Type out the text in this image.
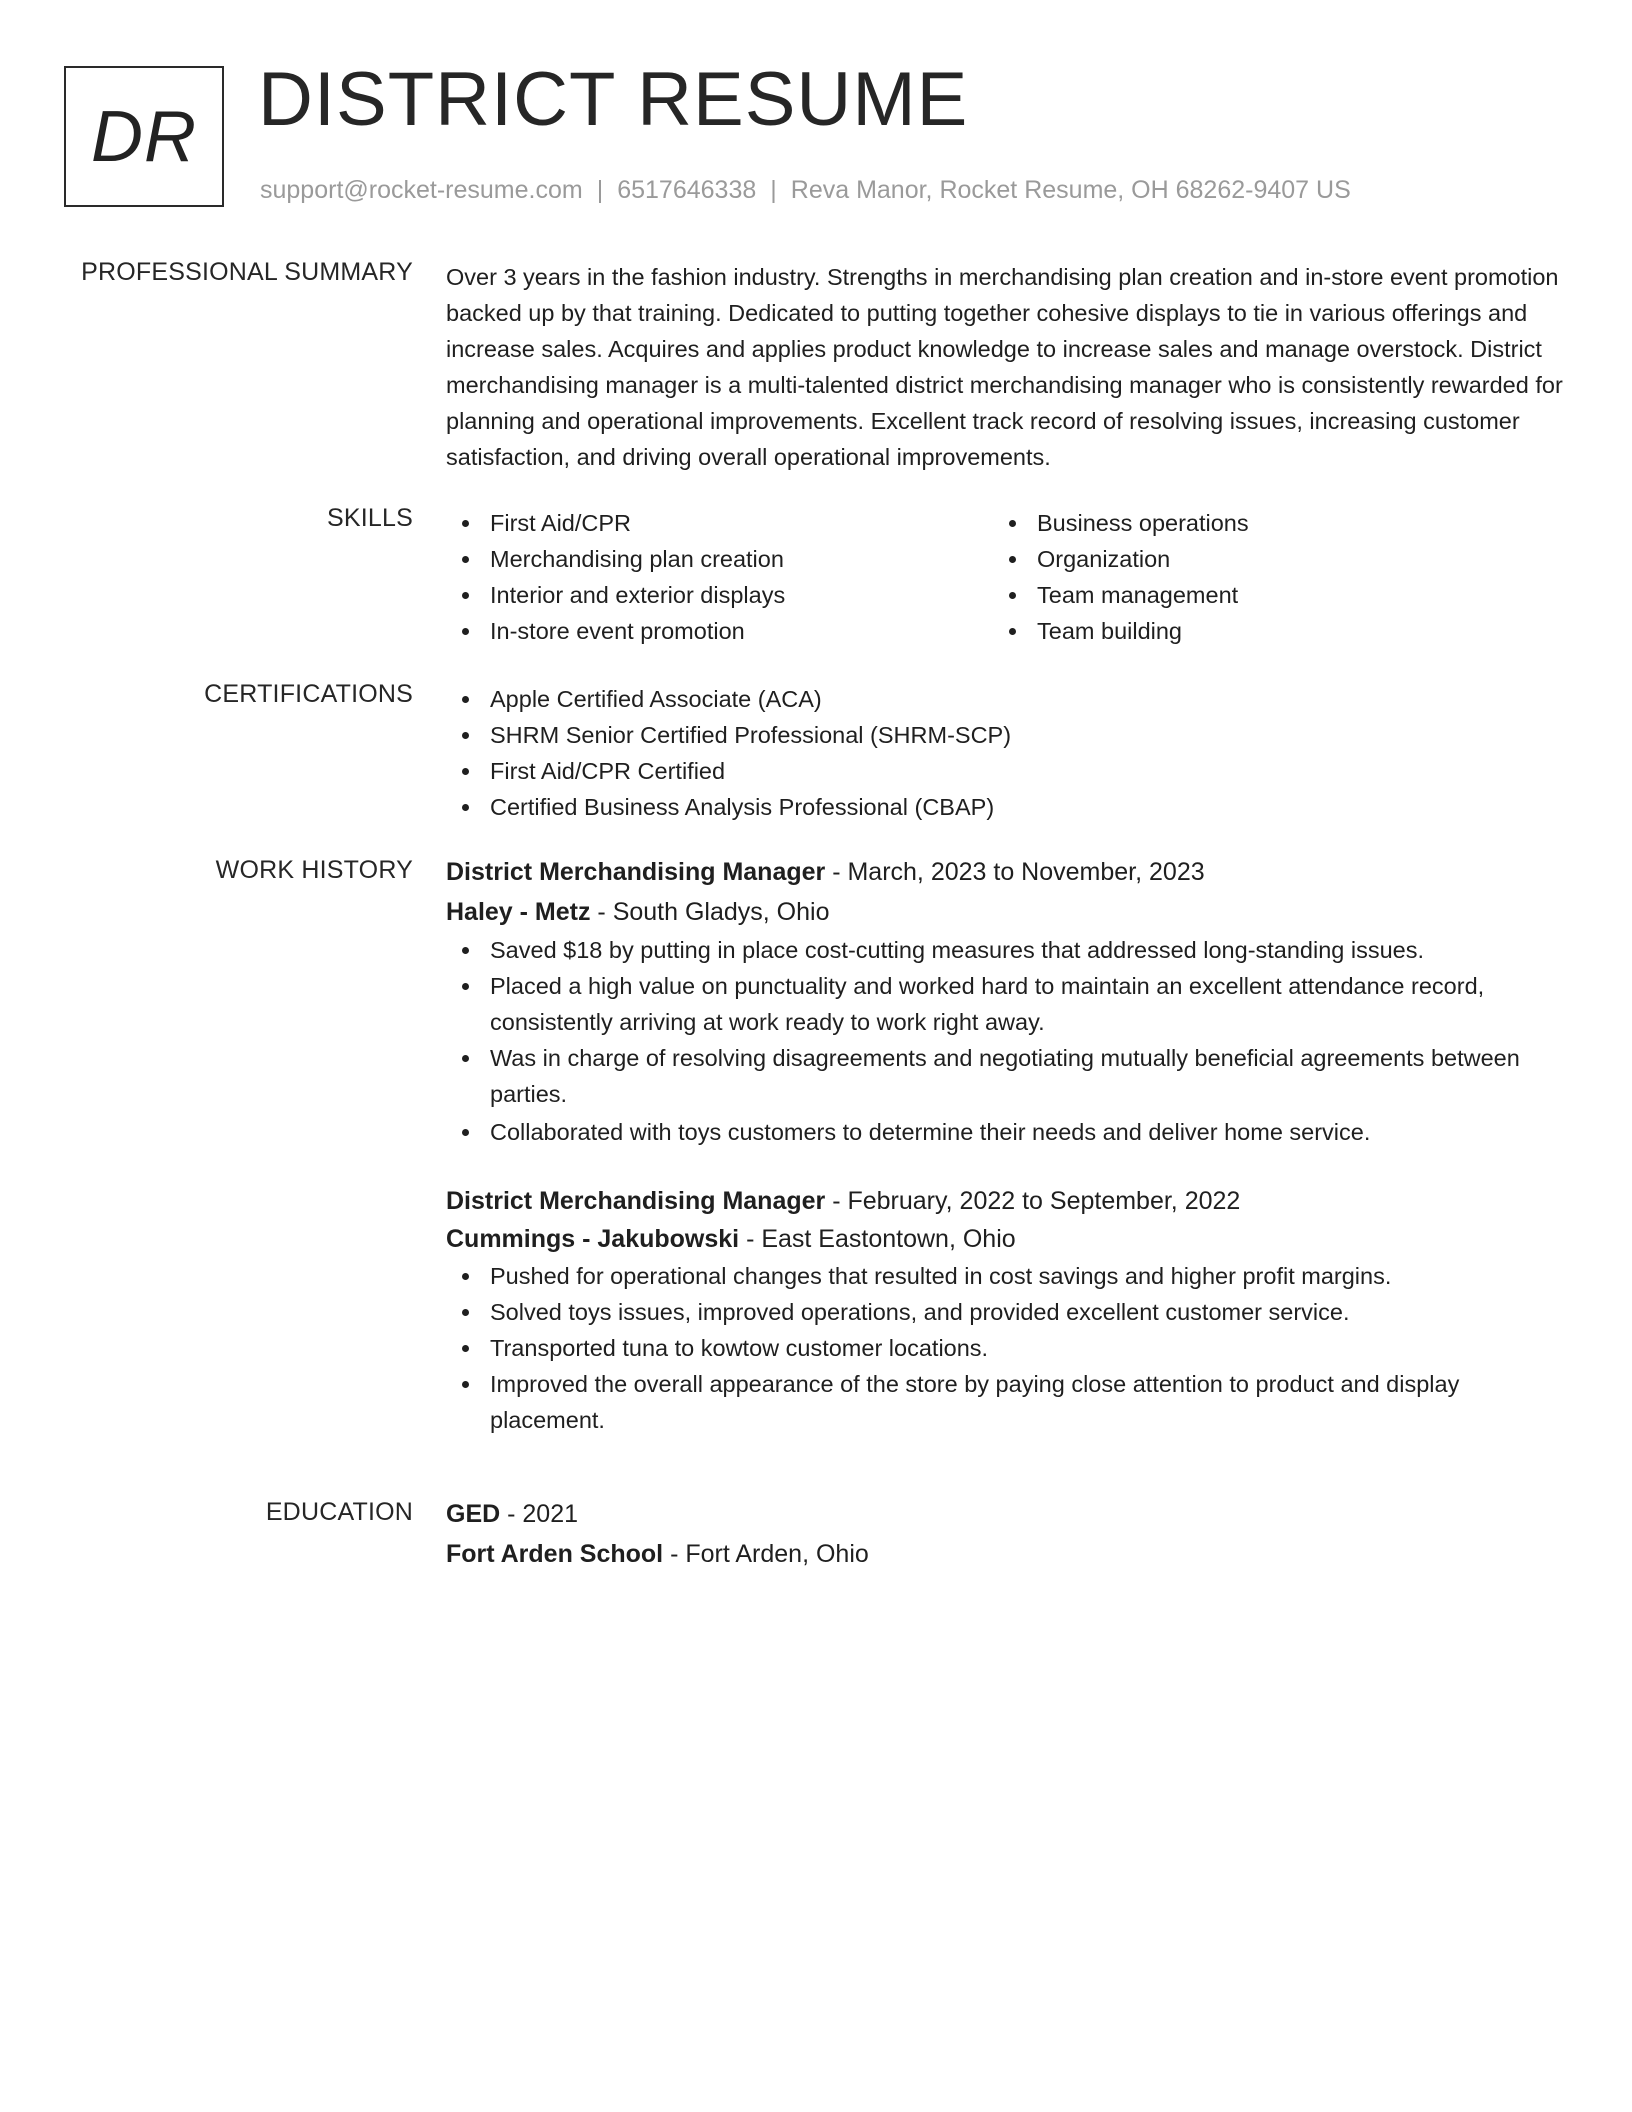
DR DISTRICT RESUME
support@rocket-resume.com | 6517646338 | Reva Manor, Rocket Resume, OH 68262-9407 US
PROFESSIONAL SUMMARY Over 3 years in the fashion industry. Strengths in merchandising plan creation and in-store event promotion backed up by that training. Dedicated to putting together cohesive displays to tie in various offerings and increase sales. Acquires and applies product knowledge to increase sales and manage overstock. District merchandising manager is a multi-talented district merchandising manager who is consistently rewarded for planning and operational improvements. Excellent track record of resolving issues, increasing customer satisfaction, and driving overall operational improvements.

SKILLS	First Aid/CPR
Merchandising plan creation
Interior and exterior displays
In-store event promotion
Business operations
Organization
Team management
Team building
CERTIFICATIONS	Apple Certified Associate (ACA)
SHRM Senior Certified Professional (SHRM-SCP)
First Aid/CPR Certified
Certified Business Analysis Professional (CBAP)
WORK HISTORY District Merchandising Manager - March, 2023 to November, 2023
Haley - Metz - South Gladys, Ohio
Saved $18 by putting in place cost-cutting measures that addressed long-standing issues.
Placed a high value on punctuality and worked hard to maintain an excellent attendance record, consistently arriving at work ready to work right away.
Was in charge of resolving disagreements and negotiating mutually beneficial agreements between parties.
Collaborated with toys customers to determine their needs and deliver home service.
District Merchandising Manager - February, 2022 to September, 2022
Cummings - Jakubowski - East Eastontown, Ohio
Pushed for operational changes that resulted in cost savings and higher profit margins.
Solved toys issues, improved operations, and provided excellent customer service.
Transported tuna to kowtow customer locations.
Improved the overall appearance of the store by paying close attention to product and display placement.
EDUCATION GED - 2021
Fort Arden School - Fort Arden, Ohio
